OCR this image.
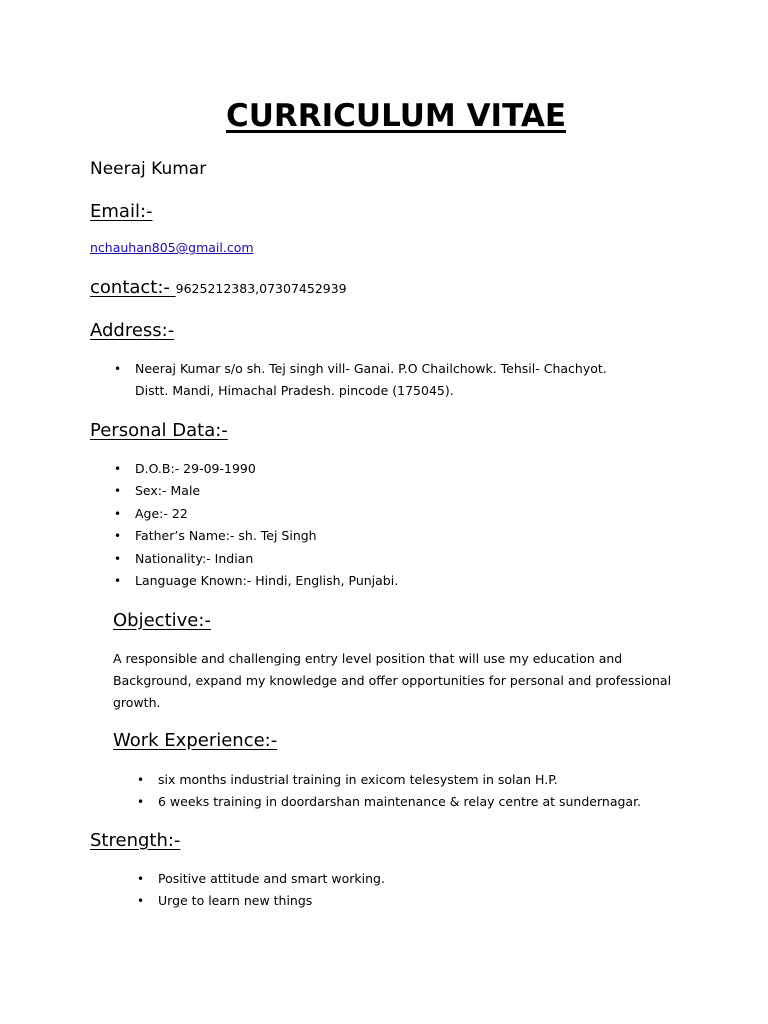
CURRICULUM VITAE
Neeraj Kumar
Email:-
nchauhan805@gmail.com
contact:- 9625212383,07307452939
Address:-
• Neeraj Kumar s/o sh. Tej singh vill- Ganai. P.O Chailchowk. Tehsil- Chachyot.
Distt. Mandi, Himachal Pradesh. pincode (175045).
Personal Data:-
• D.O.B:- 29-09-1990
• Sex:- Male
• Age:- 22
• Father’s Name:- sh. Tej Singh
• Nationality:- Indian
• Language Known:- Hindi, English, Punjabi.
Objective:-
A responsible and challenging entry level position that will use my education and
Background, expand my knowledge and offer opportunities for personal and professional
growth.
Work Experience:-
• six months industrial training in exicom telesystem in solan H.P.
• 6 weeks training in doordarshan maintenance & relay centre at sundernagar.
Strength:-
• Positive attitude and smart working.
• Urge to learn new things
